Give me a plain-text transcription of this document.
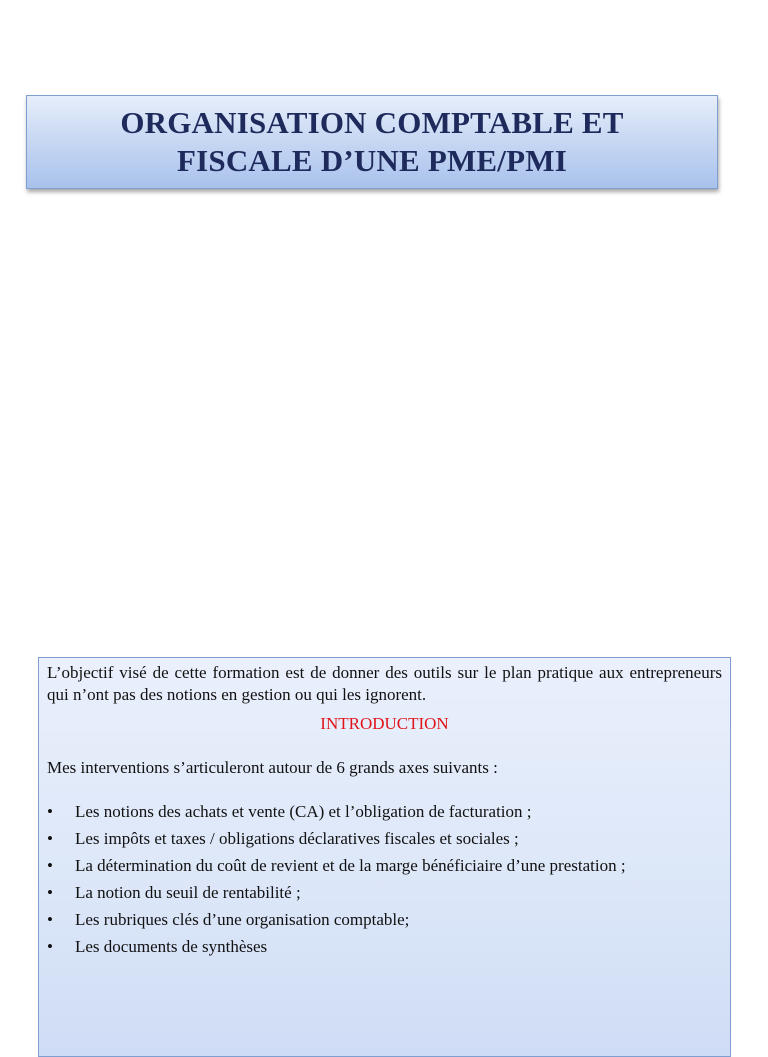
ORGANISATION COMPTABLE ET
FISCALE D’UNE PME/PMI

L’objectif visé de cette formation est de donner des outils sur le plan pratique aux entrepreneurs qui n’ont pas des notions en gestion ou qui les ignorent.

INTRODUCTION

Mes interventions s’articuleront autour de 6 grands axes suivants :

•	Les notions des achats et vente (CA) et l’obligation de facturation ;
•	Les impôts et taxes / obligations déclaratives fiscales et sociales ;
•	La détermination du coût de revient et de la marge bénéficiaire d’une prestation ;
•	La notion du seuil de rentabilité ;
•	Les rubriques clés d’une organisation comptable;
•	Les documents de synthèses
